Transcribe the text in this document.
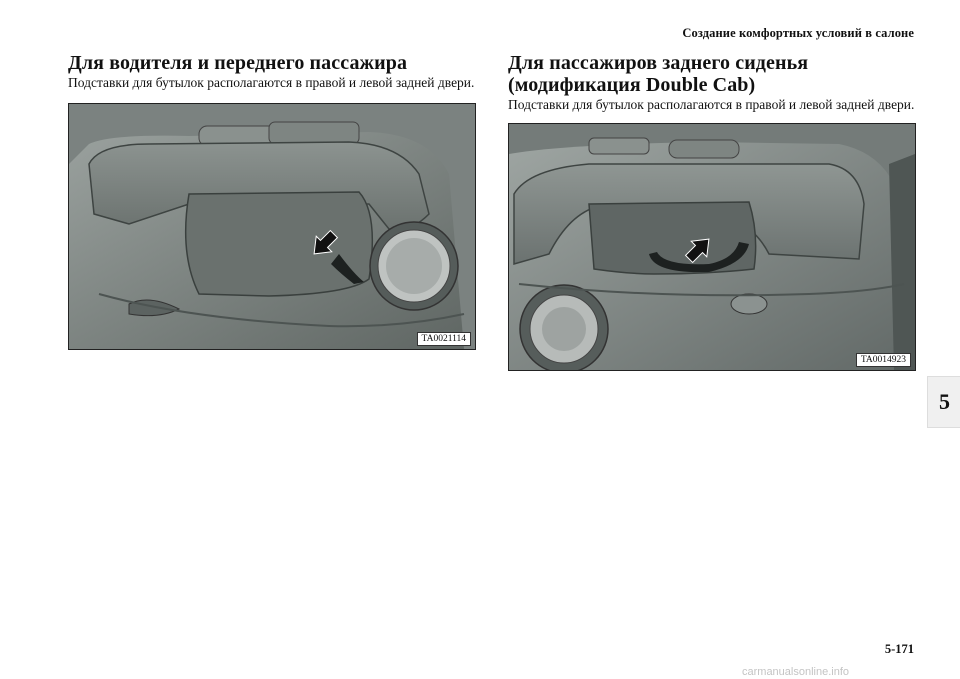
Создание комфортных условий в салоне
Для водителя и переднего пассажира

Подставки для бутылок располагаются в правой и левой задней двери.

TA0021114
Для пассажиров заднего сиденья (модификация Double Cab)

Подставки для бутылок располагаются в правой и левой задней двери.

TA0014923
5
5-171
carmanualsonline.info
